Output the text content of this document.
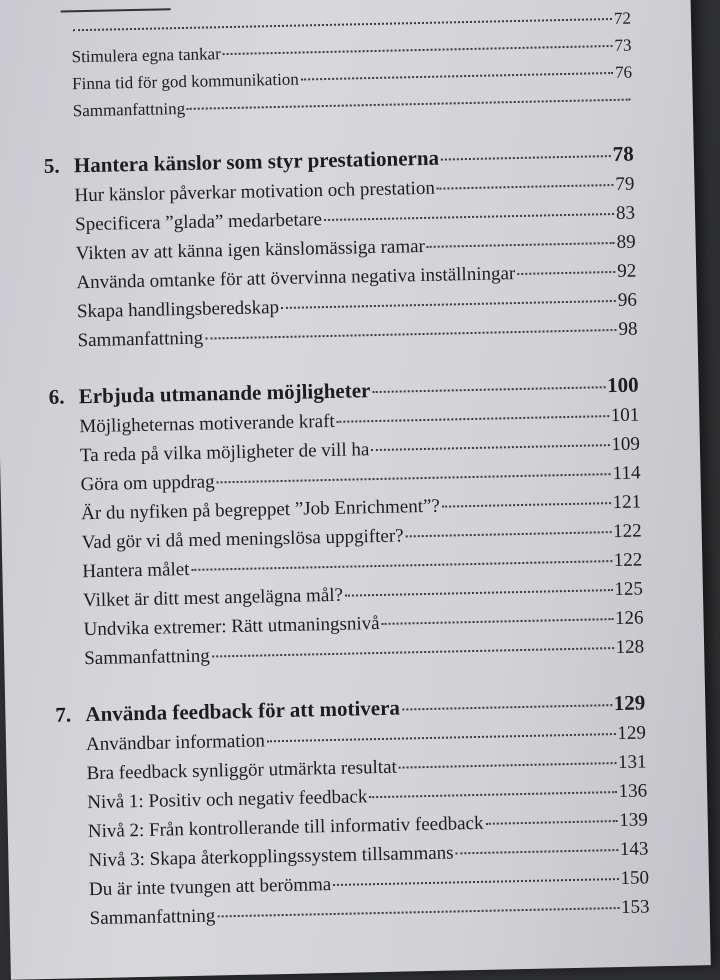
72
Stimulera egna tankar	73
Finna tid för god kommunikation	76
Sammanfattning
5. Hantera känslor som styr prestationerna	78
Hur känslor påverkar motivation och prestation	79
Specificera ”glada” medarbetare	83
Vikten av att känna igen känslomässiga ramar	89
Använda omtanke för att övervinna negativa inställningar	92
Skapa handlingsberedskap	96
Sammanfattning	98
6. Erbjuda utmanande möjligheter	100
Möjligheternas motiverande kraft	101
Ta reda på vilka möjligheter de vill ha	109
Göra om uppdrag	114
Är du nyfiken på begreppet ”Job Enrichment”?	121
Vad gör vi då med meningslösa uppgifter?	122
Hantera målet	122
Vilket är ditt mest angelägna mål?	125
Undvika extremer: Rätt utmaningsnivå	126
Sammanfattning	128
7. Använda feedback för att motivera	129
Användbar information	129
Bra feedback synliggör utmärkta resultat	131
Nivå 1: Positiv och negativ feedback	136
Nivå 2: Från kontrollerande till informativ feedback	139
Nivå 3: Skapa återkopplingssystem tillsammans	143
Du är inte tvungen att berömma	150
Sammanfattning	153
